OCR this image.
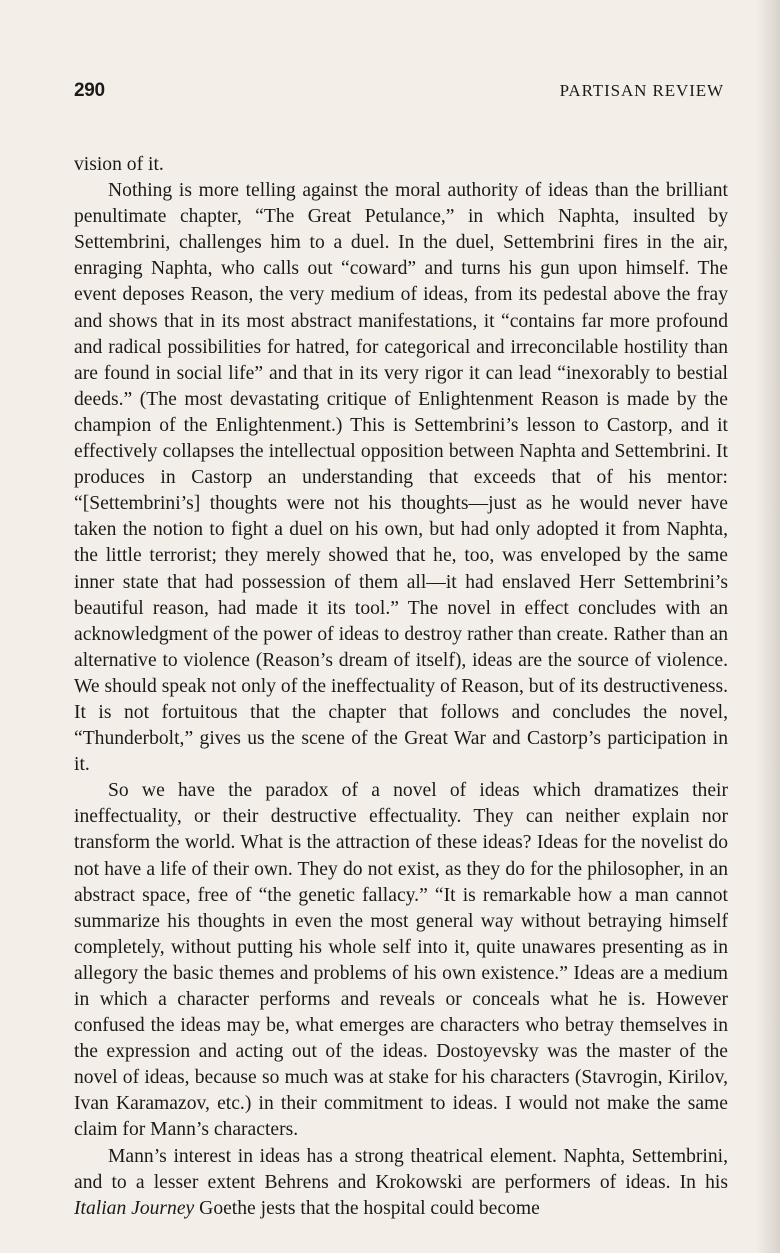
290	PARTISAN REVIEW

vision of it.

Nothing is more telling against the moral authority of ideas than the brilliant penultimate chapter, “The Great Petulance,” in which Naphta, insulted by Settembrini, challenges him to a duel. In the duel, Settembrini fires in the air, enraging Naphta, who calls out “coward” and turns his gun upon himself. The event deposes Reason, the very medium of ideas, from its pedestal above the fray and shows that in its most abstract manifestations, it “contains far more profound and radical possibilities for hatred, for categorical and irreconcilable hostility than are found in social life” and that in its very rigor it can lead “inexorably to bestial deeds.” (The most devastating critique of Enlightenment Reason is made by the champion of the Enlightenment.) This is Settembrini’s lesson to Castorp, and it effectively collapses the intellectual opposition between Naphta and Settembrini. It produces in Castorp an understanding that exceeds that of his mentor: “[Settembrini’s] thoughts were not his thoughts—just as he would never have taken the notion to fight a duel on his own, but had only adopted it from Naphta, the little terrorist; they merely showed that he, too, was enveloped by the same inner state that had possession of them all—it had enslaved Herr Settembrini’s beautiful reason, had made it its tool.” The novel in effect concludes with an acknowledgment of the power of ideas to destroy rather than create. Rather than an alternative to violence (Reason’s dream of itself), ideas are the source of violence. We should speak not only of the ineffectuality of Reason, but of its destructiveness. It is not fortuitous that the chapter that follows and concludes the novel, “Thunderbolt,” gives us the scene of the Great War and Castorp’s participation in it.

So we have the paradox of a novel of ideas which dramatizes their ineffectuality, or their destructive effectuality. They can neither explain nor transform the world. What is the attraction of these ideas? Ideas for the novelist do not have a life of their own. They do not exist, as they do for the philosopher, in an abstract space, free of “the genetic fallacy.” “It is remarkable how a man cannot summarize his thoughts in even the most general way without betraying himself completely, without putting his whole self into it, quite unawares presenting as in allegory the basic themes and problems of his own existence.” Ideas are a medium in which a character performs and reveals or conceals what he is. However confused the ideas may be, what emerges are characters who betray themselves in the expression and acting out of the ideas. Dostoyevsky was the master of the novel of ideas, because so much was at stake for his characters (Stavrogin, Kirilov, Ivan Karamazov, etc.) in their commitment to ideas. I would not make the same claim for Mann’s characters.

Mann’s interest in ideas has a strong theatrical element. Naphta, Settembrini, and to a lesser extent Behrens and Krokowski are performers of ideas. In his Italian Journey Goethe jests that the hospital could become
